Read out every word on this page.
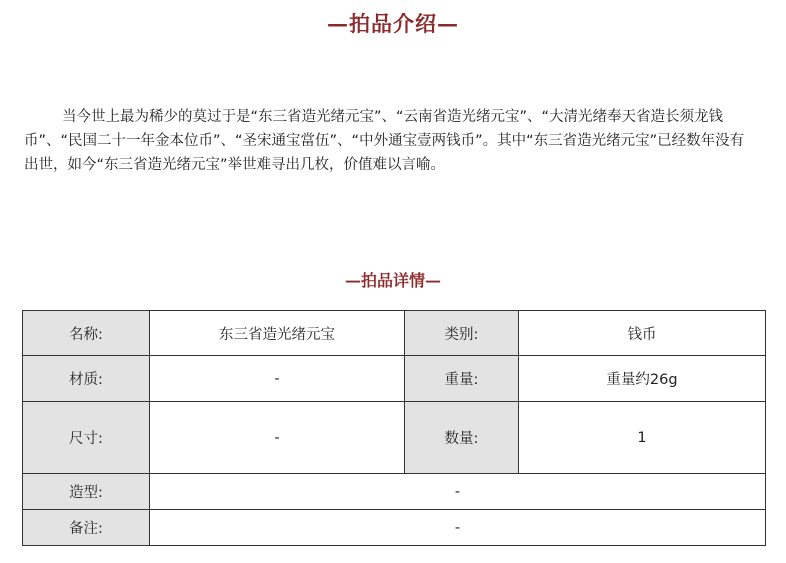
—拍品介绍—

当今世上最为稀少的莫过于是“东三省造光绪元宝”、“云南省造光绪元宝”、“大清光绪奉天省造长须龙钱币”、“民国二十一年金本位币”、“圣宋通宝當伍”、“中外通宝壹两钱币”。其中“东三省造光绪元宝”已经数年没有出世，如今“东三省造光绪元宝”举世难寻出几枚，价值难以言喻。

—拍品详情—
名称:	东三省造光绪元宝	类别:	钱币
材质:	-	重量:	重量约26g
尺寸:	-	数量:	1
造型:	-		
备注:	-		
